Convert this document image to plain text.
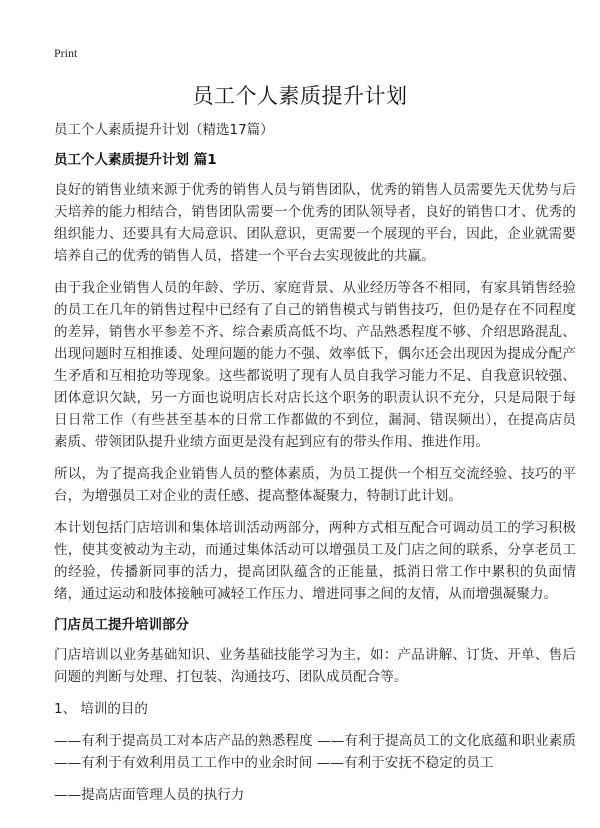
Print
员工个人素质提升计划
员工个人素质提升计划（精选17篇）
员工个人素质提升计划 篇1

良好的销售业绩来源于优秀的销售人员与销售团队，优秀的销售人员需要先天优势与后天培养的能力相结合，销售团队需要一个优秀的团队领导者，良好的销售口才、优秀的组织能力、还要具有大局意识、团队意识，更需要一个展现的平台，因此，企业就需要培养自己的优秀的销售人员，搭建一个平台去实现彼此的共赢。

由于我企业销售人员的年龄、学历、家庭背景、从业经历等各不相同，有家具销售经验的员工在几年的销售过程中已经有了自己的销售模式与销售技巧，但仍是存在不同程度的差异，销售水平参差不齐、综合素质高低不均、产品熟悉程度不够、介绍思路混乱、出现问题时互相推诿、处理问题的能力不强、效率低下，偶尔还会出现因为提成分配产生矛盾和互相抢功等现象。这些都说明了现有人员自我学习能力不足、自我意识较强、团体意识欠缺，另一方面也说明店长对店长这个职务的职责认识不充分，只是局限于每日日常工作（有些甚至基本的日常工作都做的不到位，漏洞、错误频出），在提高店员素质、带领团队提升业绩方面更是没有起到应有的带头作用、推进作用。

所以，为了提高我企业销售人员的整体素质，为员工提供一个相互交流经验、技巧的平台，为增强员工对企业的责任感、提高整体凝聚力，特制订此计划。

本计划包括门店培训和集体培训活动两部分，两种方式相互配合可调动员工的学习积极性，使其变被动为主动，而通过集体活动可以增强员工及门店之间的联系，分享老员工的经验，传播新同事的活力，提高团队蕴含的正能量，抵消日常工作中累积的负面情绪，通过运动和肢体接触可减轻工作压力、增进同事之间的友情，从而增强凝聚力。

门店员工提升培训部分

门店培训以业务基础知识、业务基础技能学习为主，如：产品讲解、订货、开单、售后问题的判断与处理、打包装、沟通技巧、团队成员配合等。

1、 培训的目的

——有利于提高员工对本店产品的熟悉程度 ——有利于提高员工的文化底蕴和职业素质 ——有利于有效利用员工工作中的业余时间 ——有利于安抚不稳定的员工

——提高店面管理人员的执行力
